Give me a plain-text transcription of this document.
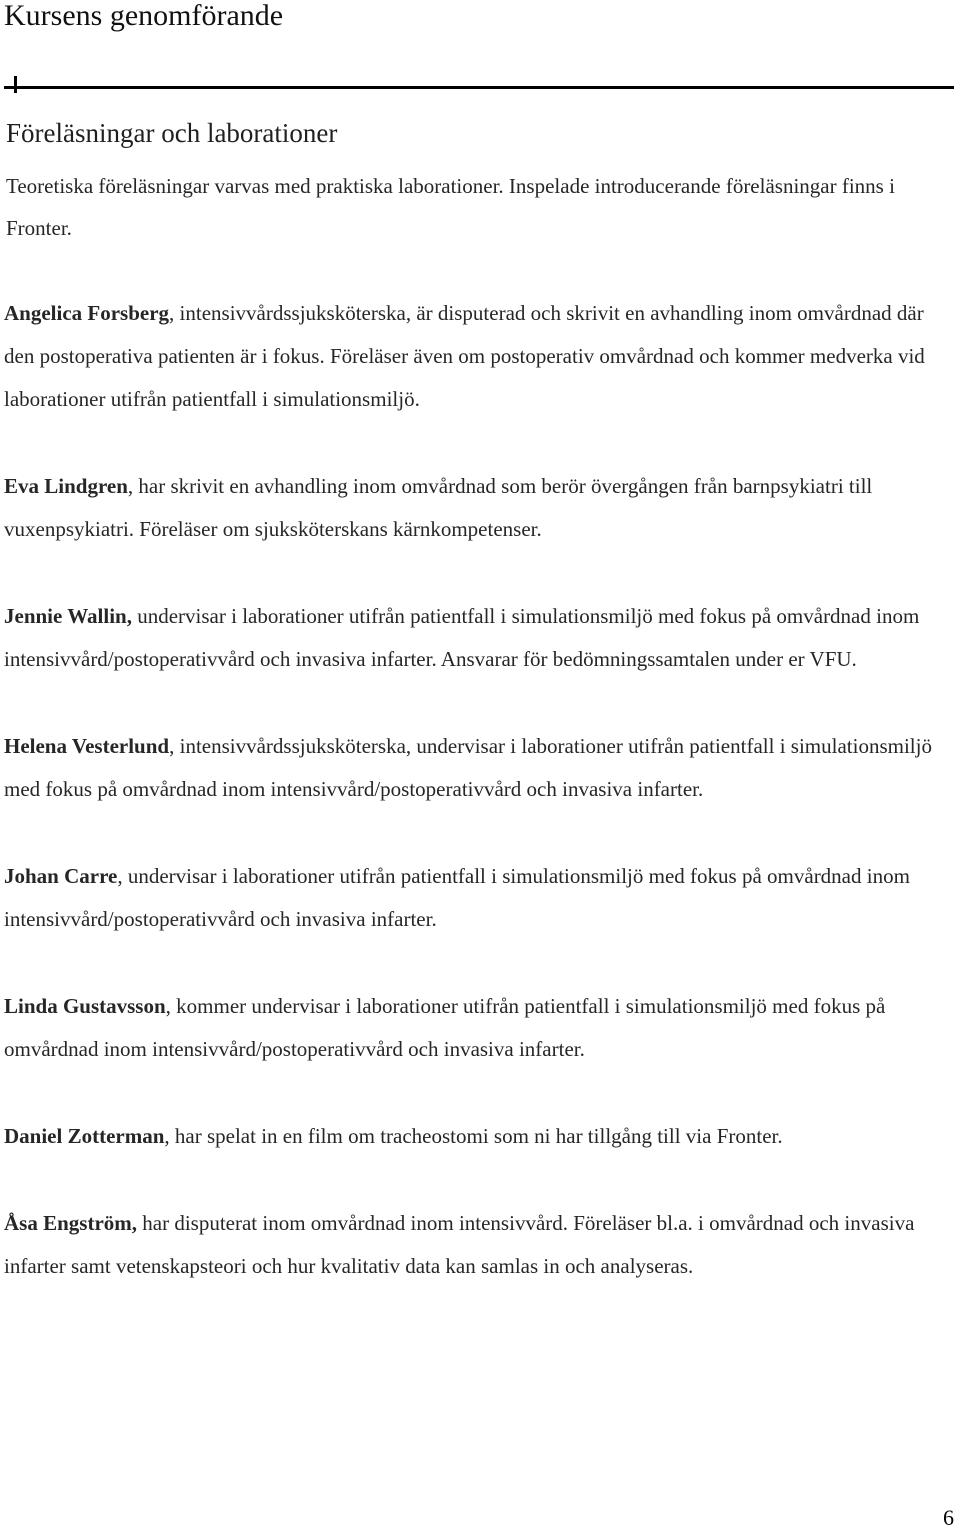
Kursens genomförande
Föreläsningar och laborationer

Teoretiska föreläsningar varvas med praktiska laborationer. Inspelade introducerande föreläsningar finns i Fronter.

Angelica Forsberg, intensivvårdssjuksköterska, är disputerad och skrivit en avhandling inom omvårdnad där den postoperativa patienten är i fokus. Föreläser även om postoperativ omvårdnad och kommer medverka vid laborationer utifrån patientfall i simulationsmiljö.

Eva Lindgren, har skrivit en avhandling inom omvårdnad som berör övergången från barnpsykiatri till vuxenpsykiatri. Föreläser om sjuksköterskans kärnkompetenser.

Jennie Wallin, undervisar i laborationer utifrån patientfall i simulationsmiljö med fokus på omvårdnad inom intensivvård/postoperativvård och invasiva infarter. Ansvarar för bedömningssamtalen under er VFU.

Helena Vesterlund, intensivvårdssjuksköterska, undervisar i laborationer utifrån patientfall i simulationsmiljö med fokus på omvårdnad inom intensivvård/postoperativvård och invasiva infarter.

Johan Carre, undervisar i laborationer utifrån patientfall i simulationsmiljö med fokus på omvårdnad inom intensivvård/postoperativvård och invasiva infarter.

Linda Gustavsson, kommer undervisar i laborationer utifrån patientfall i simulationsmiljö med fokus på omvårdnad inom intensivvård/postoperativvård och invasiva infarter.

Daniel Zotterman, har spelat in en film om tracheostomi som ni har tillgång till via Fronter.

Åsa Engström, har disputerat inom omvårdnad inom intensivvård. Föreläser bl.a. i omvårdnad och invasiva infarter samt vetenskapsteori och hur kvalitativ data kan samlas in och analyseras.

6
